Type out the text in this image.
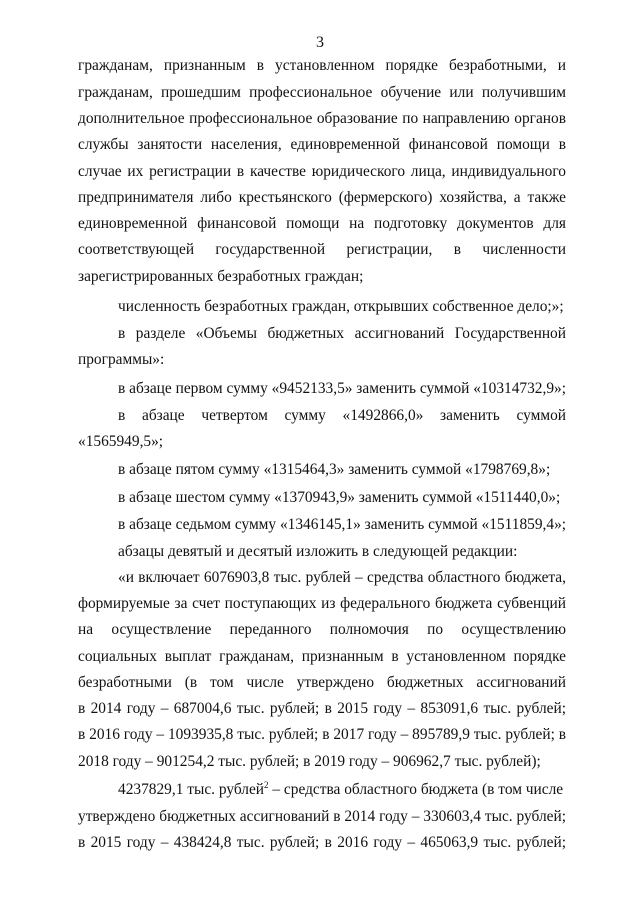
3
гражданам, признанным в установленном порядке безработными, и
гражданам, прошедшим профессиональное обучение или получившим
дополнительное профессиональное образование по направлению органов
службы занятости населения, единовременной финансовой помощи в
случае их регистрации в качестве юридического лица, индивидуального
предпринимателя либо крестьянского (фермерского) хозяйства, а также
единовременной финансовой помощи на подготовку документов для
соответствующей государственной регистрации, в численности
зарегистрированных безработных граждан;
численность безработных граждан, открывших собственное дело;»;
в разделе «Объемы бюджетных ассигнований Государственной
программы»:
в абзаце первом сумму «9452133,5» заменить суммой «10314732,9»;
в абзаце четвертом сумму «1492866,0» заменить суммой
«1565949,5»;
в абзаце пятом сумму «1315464,3» заменить суммой «1798769,8»;
в абзаце шестом сумму «1370943,9» заменить суммой «1511440,0»;
в абзаце седьмом сумму «1346145,1» заменить суммой «1511859,4»;
абзацы девятый и десятый изложить в следующей редакции:
«и включает 6076903,8 тыс. рублей – средства областного бюджета,
формируемые за счет поступающих из федерального бюджета субвенций
на осуществление переданного полномочия по осуществлению
социальных выплат гражданам, признанным в установленном порядке
безработными (в том числе утверждено бюджетных ассигнований
в 2014 году – 687004,6 тыс. рублей; в 2015 году – 853091,6 тыс. рублей;
в 2016 году – 1093935,8 тыс. рублей; в 2017 году – 895789,9 тыс. рублей; в
2018 году – 901254,2 тыс. рублей; в 2019 году – 906962,7 тыс. рублей);
4237829,1 тыс. рублей$^2$ – средства областного бюджета (в том числе
утверждено бюджетных ассигнований в 2014 году – 330603,4 тыс. рублей;
в 2015 году – 438424,8 тыс. рублей; в 2016 году – 465063,9 тыс. рублей;
